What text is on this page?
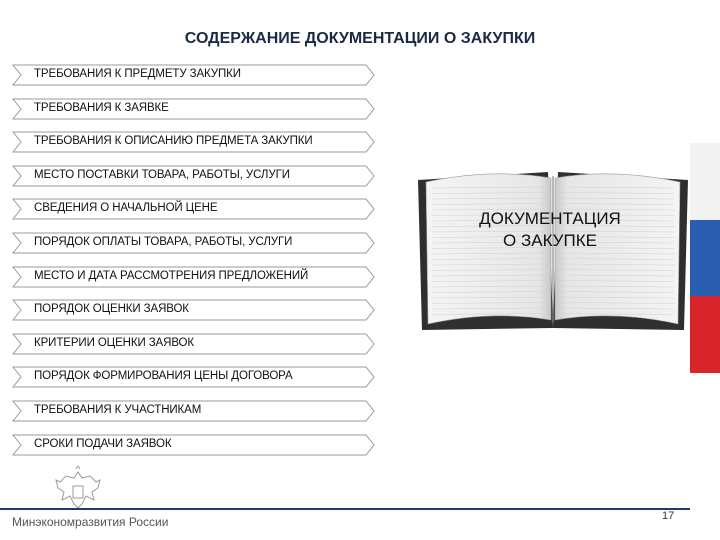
СОДЕРЖАНИЕ ДОКУМЕНТАЦИИ О ЗАКУПКИ
ТРЕБОВАНИЯ К ПРЕДМЕТУ ЗАКУПКИ
ТРЕБОВАНИЯ К ЗАЯВКЕ
ТРЕБОВАНИЯ К ОПИСАНИЮ ПРЕДМЕТА ЗАКУПКИ
МЕСТО ПОСТАВКИ ТОВАРА, РАБОТЫ, УСЛУГИ
СВЕДЕНИЯ О НАЧАЛЬНОЙ ЦЕНЕ
ПОРЯДОК ОПЛАТЫ ТОВАРА, РАБОТЫ, УСЛУГИ
МЕСТО И ДАТА РАССМОТРЕНИЯ ПРЕДЛОЖЕНИЙ
ПОРЯДОК ОЦЕНКИ ЗАЯВОК
КРИТЕРИИ ОЦЕНКИ ЗАЯВОК
ПОРЯДОК ФОРМИРОВАНИЯ ЦЕНЫ ДОГОВОРА
ТРЕБОВАНИЯ К УЧАСТНИКАМ
СРОКИ ПОДАЧИ ЗАЯВОК
ДОКУМЕНТАЦИЯ
О ЗАКУПКЕ
Минэкономразвития России	17
